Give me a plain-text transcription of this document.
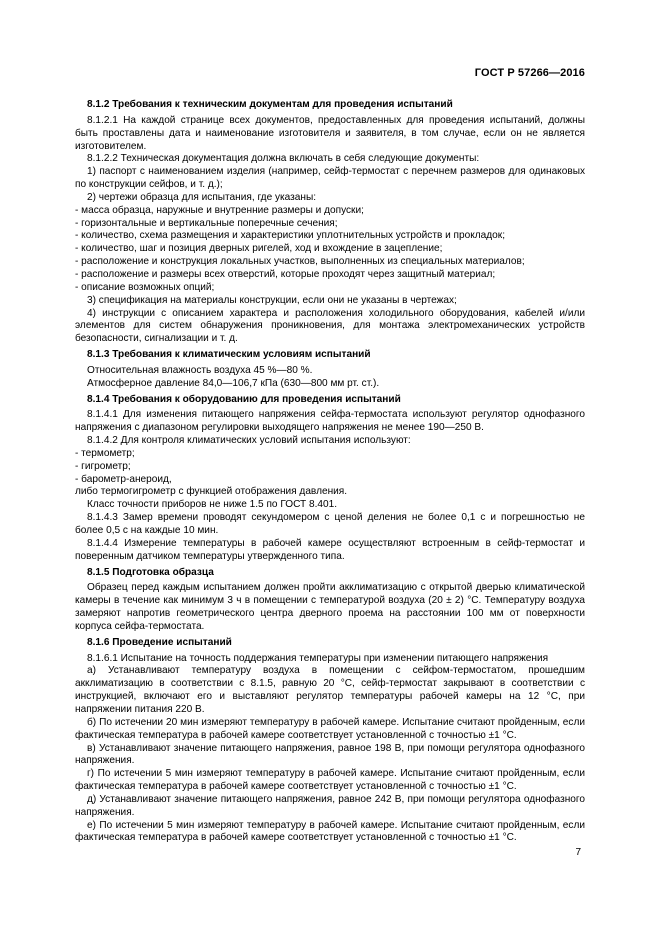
ГОСТ Р 57266—2016

8.1.2 Требования к техническим документам для проведения испытаний

8.1.2.1 На каждой странице всех документов, предоставленных для проведения испытаний, должны быть проставлены дата и наименование изготовителя и заявителя, в том случае, если он не является изготовителем.

8.1.2.2 Техническая документация должна включать в себя следующие документы:

1) паспорт с наименованием изделия (например, сейф-термостат с перечнем размеров для одинаковых по конструкции сейфов, и т. д.);

2) чертежи образца для испытания, где указаны:

- масса образца, наружные и внутренние размеры и допуски;

- горизонтальные и вертикальные поперечные сечения;

- количество, схема размещения и характеристики уплотнительных устройств и прокладок;

- количество, шаг и позиция дверных ригелей, ход и вхождение в зацепление;

- расположение и конструкция локальных участков, выполненных из специальных материалов;

- расположение и размеры всех отверстий, которые проходят через защитный материал;

- описание возможных опций;

3) спецификация на материалы конструкции, если они не указаны в чертежах;

4) инструкции с описанием характера и расположения холодильного оборудования, кабелей и/или элементов для систем обнаружения проникновения, для монтажа электромеханических устройств безопасности, сигнализации и т. д.

8.1.3 Требования к климатическим условиям испытаний

Относительная влажность воздуха 45 %—80 %.

Атмосферное давление 84,0—106,7 кПа (630—800 мм рт. ст.).

8.1.4 Требования к оборудованию для проведения испытаний

8.1.4.1 Для изменения питающего напряжения сейфа-термостата используют регулятор однофазного напряжения с диапазоном регулировки выходящего напряжения не менее 190—250 В.

8.1.4.2 Для контроля климатических условий испытания используют:

- термометр;

- гигрометр;

- барометр-анероид,

либо термогигрометр с функцией отображения давления.

Класс точности приборов не ниже 1.5 по ГОСТ 8.401.

8.1.4.3 Замер времени проводят секундомером с ценой деления не более 0,1 с и погрешностью не более 0,5 с на каждые 10 мин.

8.1.4.4 Измерение температуры в рабочей камере осуществляют встроенным в сейф-термостат и поверенным датчиком температуры утвержденного типа.

8.1.5 Подготовка образца

Образец перед каждым испытанием должен пройти акклиматизацию с открытой дверью климатической камеры в течение как минимум 3 ч в помещении с температурой воздуха (20 ± 2) °С. Температуру воздуха замеряют напротив геометрического центра дверного проема на расстоянии 100 мм от поверхности корпуса сейфа-термостата.

8.1.6 Проведение испытаний

8.1.6.1 Испытание на точность поддержания температуры при изменении питающего напряжения

а) Устанавливают температуру воздуха в помещении с сейфом-термостатом, прошедшим акклиматизацию в соответствии с 8.1.5, равную 20 °С, сейф-термостат закрывают в соответствии с инструкцией, включают его и выставляют регулятор температуры рабочей камеры на 12 °С, при напряжении питания 220 В.

б) По истечении 20 мин измеряют температуру в рабочей камере. Испытание считают пройденным, если фактическая температура в рабочей камере соответствует установленной с точностью ±1 °С.

в) Устанавливают значение питающего напряжения, равное 198 В, при помощи регулятора однофазного напряжения.

г) По истечении 5 мин измеряют температуру в рабочей камере. Испытание считают пройденным, если фактическая температура в рабочей камере соответствует установленной с точностью ±1 °С.

д) Устанавливают значение питающего напряжения, равное 242 В, при помощи регулятора однофазного напряжения.

е) По истечении 5 мин измеряют температуру в рабочей камере. Испытание считают пройденным, если фактическая температура в рабочей камере соответствует установленной с точностью ±1 °С.

7
